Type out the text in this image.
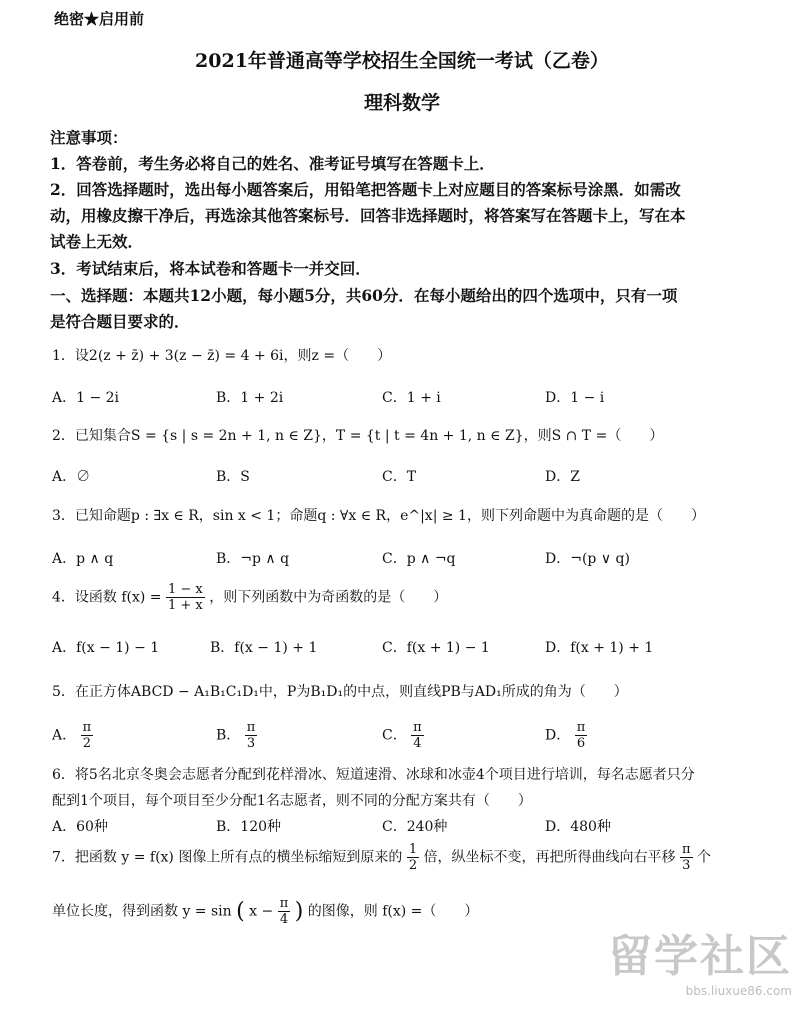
绝密★启用前
2021年普通高等学校招生全国统一考试（乙卷）
理科数学
注意事项：
1．答卷前，考生务必将自己的姓名、准考证号填写在答题卡上．
2．回答选择题时，选出每小题答案后，用铅笔把答题卡上对应题目的答案标号涂黑．如需改
动，用橡皮擦干净后，再选涂其他答案标号．回答非选择题时，将答案写在答题卡上，写在本
试卷上无效．
3．考试结束后，将本试卷和答题卡一并交回．
一、选择题：本题共12小题，每小题5分，共60分．在每小题给出的四个选项中，只有一项
是符合题目要求的．
1．设2(z + z̄) + 3(z − z̄) = 4 + 6i，则z =（　　）
A．1 − 2i	B．1 + 2i	C．1 + i	D．1 − i
2．已知集合S = {s | s = 2n + 1, n ∈ Z}，T = {t | t = 4n + 1, n ∈ Z}，则S ∩ T =（　　）
A．∅	B．S	C．T	D．Z
3．已知命题p : ∃x ∈ R，sin x < 1；命题q : ∀x ∈ R，e^|x| ≥ 1，则下列命题中为真命题的是（　　）
A．p ∧ q	B．¬p ∧ q	C．p ∧ ¬q	D．¬(p ∨ q)
4．设函数 $f(x) = \frac{1 - x}{1 + x}$ ，则下列函数中为奇函数的是（　　）
A．f(x − 1) − 1	B．f(x − 1) + 1	C．f(x + 1) − 1	D．f(x + 1) + 1
5．在正方体ABCD − A₁B₁C₁D₁中，P为B₁D₁的中点，则直线PB与AD₁所成的角为（　　）
A． $\frac{\pi}{2}$	B． $\frac{\pi}{3}$	C． $\frac{\pi}{4}$	D． $\frac{\pi}{6}$
6．将5名北京冬奥会志愿者分配到花样滑冰、短道速滑、冰球和冰壶4个项目进行培训，每名志愿者只分
配到1个项目，每个项目至少分配1名志愿者，则不同的分配方案共有（　　）
A．60种	B．120种	C．240种	D．480种
7．把函数 y = f(x) 图像上所有点的横坐标缩短到原来的 $\frac{1}{2}$ 倍，纵坐标不变，再把所得曲线向右平移 $\frac{\pi}{3}$ 个
单位长度，得到函数 y = sin ( $x - \frac{\pi}{4}$ ) 的图像，则 f(x) =（　　）
留学社区
bbs.liuxue86.com
